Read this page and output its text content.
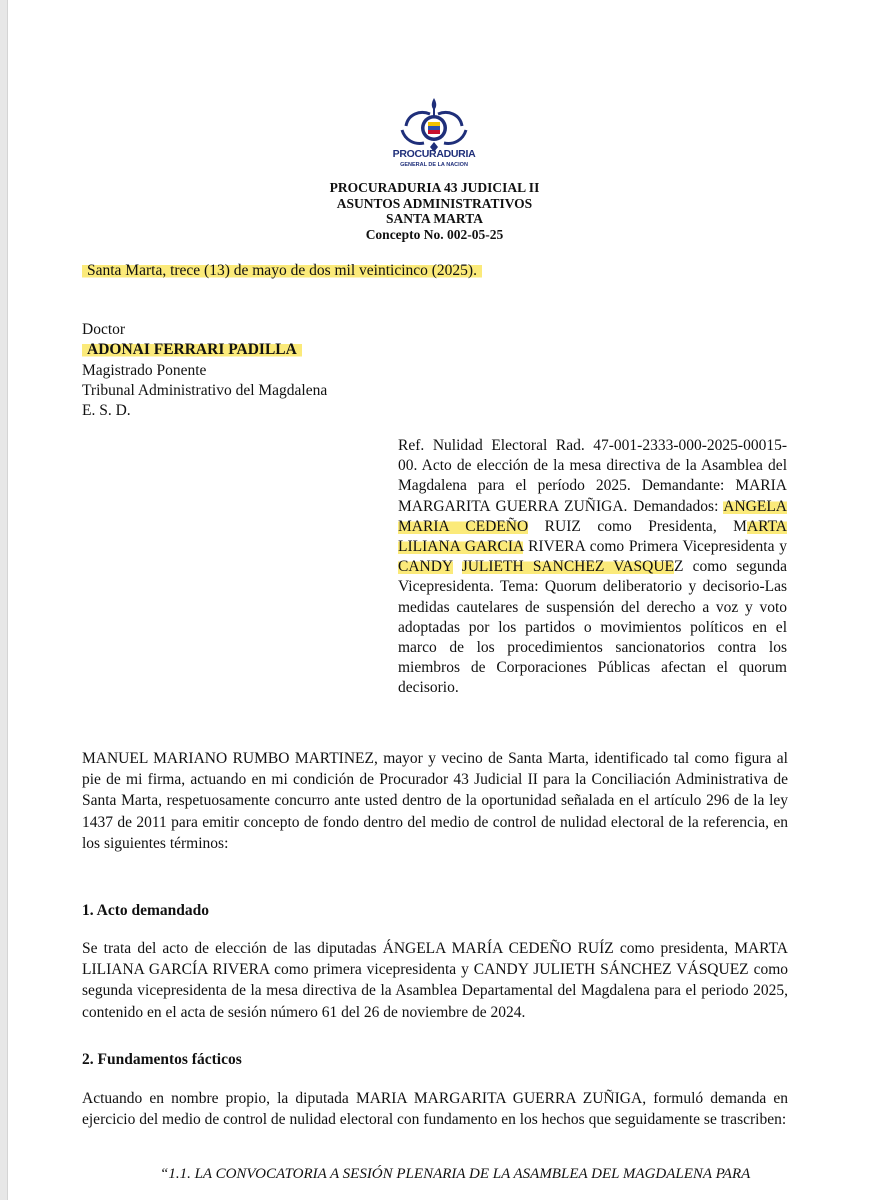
PROCURADURIA
GENERAL DE LA NACION
PROCURADURIA 43 JUDICIAL II
ASUNTOS ADMINISTRATIVOS
SANTA MARTA
Concepto No. 002-05-25
Santa Marta, trece (13) de mayo de dos mil veinticinco (2025).
Doctor
ADONAI FERRARI PADILLA
Magistrado Ponente
Tribunal Administrativo del Magdalena
E. S. D.
Ref. Nulidad Electoral Rad. 47-001-2333-000-2025-00015-00. Acto de elección de la mesa directiva de la Asamblea del Magdalena para el período 2025. Demandante: MARIA MARGARITA GUERRA ZUÑIGA. Demandados: ANGELA MARIA CEDEÑO RUIZ como Presidenta, MARTA LILIANA GARCIA RIVERA como Primera Vicepresidenta y CANDY JULIETH SANCHEZ VASQUEZ como segunda Vicepresidenta. Tema: Quorum deliberatorio y decisorio-Las medidas cautelares de suspensión del derecho a voz y voto adoptadas por los partidos o movimientos políticos en el marco de los procedimientos sancionatorios contra los miembros de Corporaciones Públicas afectan el quorum decisorio.
MANUEL MARIANO RUMBO MARTINEZ, mayor y vecino de Santa Marta, identificado tal como figura al pie de mi firma, actuando en mi condición de Procurador 43 Judicial II para la Conciliación Administrativa de Santa Marta, respetuosamente concurro ante usted dentro de la oportunidad señalada en el artículo 296 de la ley 1437 de 2011 para emitir concepto de fondo dentro del medio de control de nulidad electoral de la referencia, en los siguientes términos:
1. Acto demandado
Se trata del acto de elección de las diputadas ÁNGELA MARÍA CEDEÑO RUÍZ como presidenta, MARTA LILIANA GARCÍA RIVERA como primera vicepresidenta y CANDY JULIETH SÁNCHEZ VÁSQUEZ como segunda vicepresidenta de la mesa directiva de la Asamblea Departamental del Magdalena para el periodo 2025, contenido en el acta de sesión número 61 del 26 de noviembre de 2024.
2. Fundamentos fácticos
Actuando en nombre propio, la diputada MARIA MARGARITA GUERRA ZUÑIGA, formuló demanda en ejercicio del medio de control de nulidad electoral con fundamento en los hechos que seguidamente se trascriben:
“1.1. LA CONVOCATORIA A SESIÓN PLENARIA DE LA ASAMBLEA DEL MAGDALENA PARA
